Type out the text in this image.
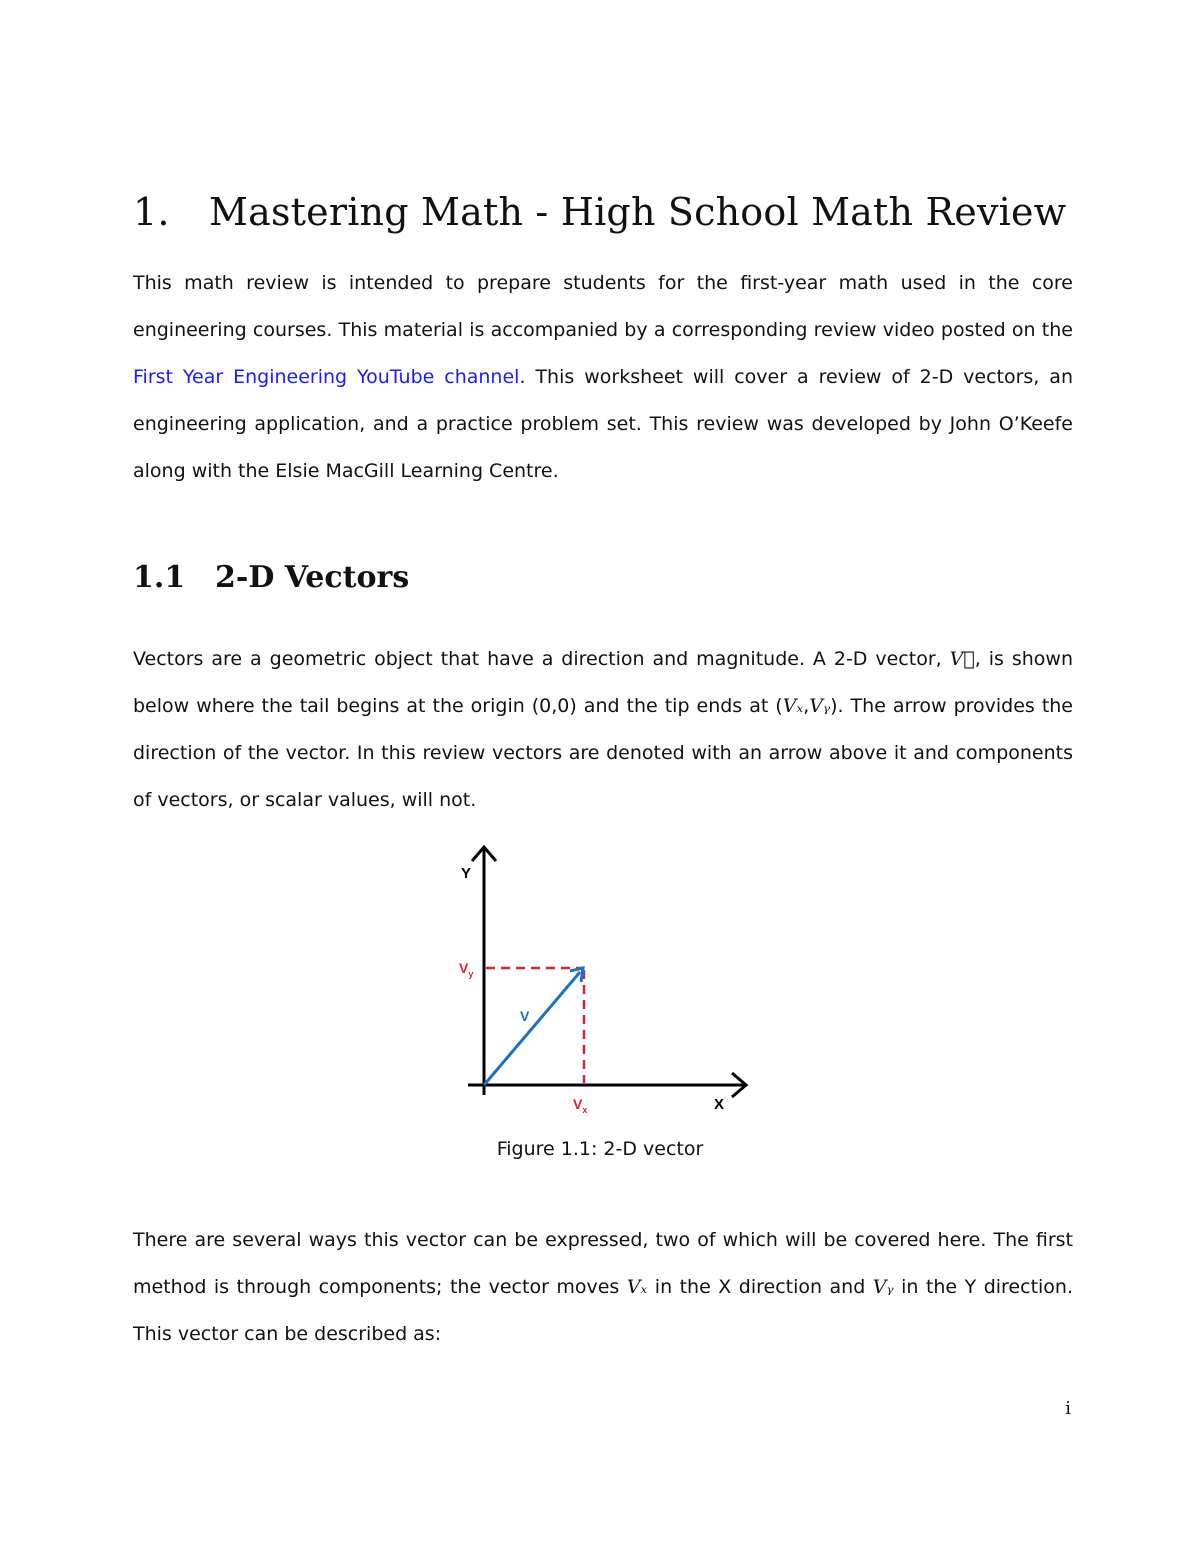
1. Mastering Math - High School Math Review

This math review is intended to prepare students for the first-year math used in the core engineering courses. This material is accompanied by a corresponding review video posted on the First Year Engineering YouTube channel. This worksheet will cover a review of 2-D vectors, an engineering application, and a practice problem set. This review was developed by John O’Keefe along with the Elsie MacGill Learning Centre.

1.1 2-D Vectors

Vectors are a geometric object that have a direction and magnitude. A 2-D vector, V⃗, is shown below where the tail begins at the origin (0,0) and the tip ends at (Vₓ,Vᵧ). The arrow provides the direction of the vector. In this review vectors are denoted with an arrow above it and components of vectors, or scalar values, will not.

Y
X
V
$V_y$
$V_x$

Figure 1.1: 2-D vector

There are several ways this vector can be expressed, two of which will be covered here. The first method is through components; the vector moves Vₓ in the X direction and Vᵧ in the Y direction. This vector can be described as:

i
